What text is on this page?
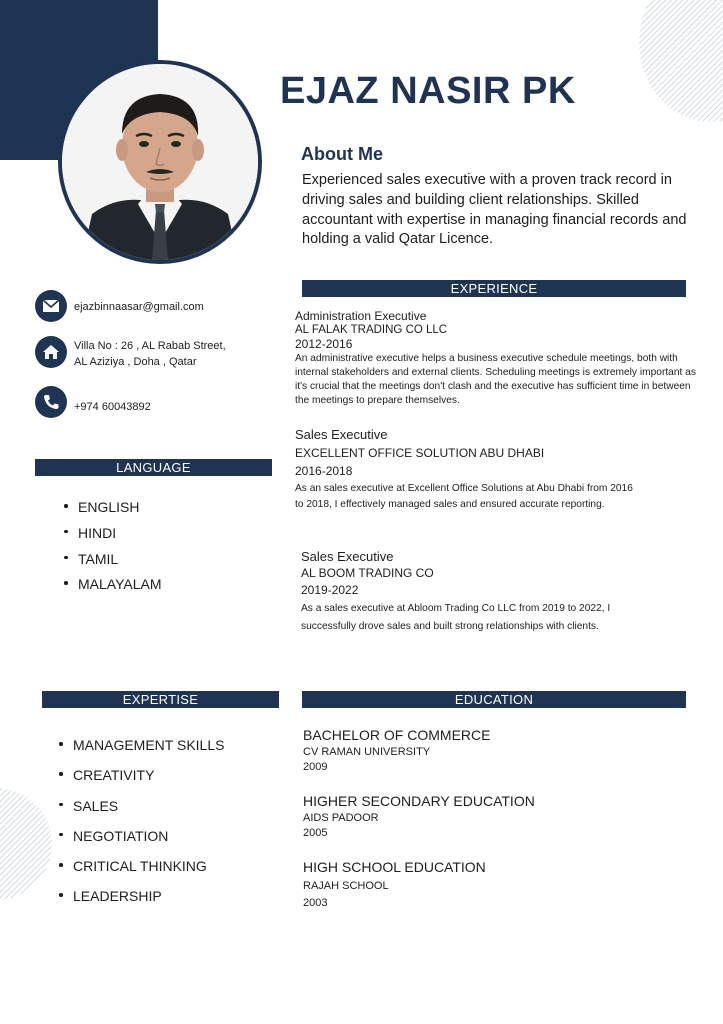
EJAZ NASIR PK
About Me
Experienced sales executive with a proven track record in driving sales and building client relationships. Skilled accountant with expertise in managing financial records and holding a valid Qatar Licence.
ejazbinnaasar@gmail.com
Villa No : 26 , AL Rabab Street,
AL Aziziya , Doha , Qatar
+974 60043892
LANGUAGE
ENGLISH
HINDI
TAMIL
MALAYALAM
EXPERIENCE
Administration Executive
AL FALAK TRADING CO LLC
2012-2016
An administrative executive helps a business executive schedule meetings, both with internal stakeholders and external clients. Scheduling meetings is extremely important as it's crucial that the meetings don't clash and the executive has sufficient time in between the meetings to prepare themselves.
Sales Executive
EXCELLENT OFFICE SOLUTION ABU DHABI
2016-2018
As an sales executive at Excellent Office Solutions at Abu Dhabi from 2016 to 2018, I effectively managed sales and ensured accurate reporting.
Sales Executive
AL BOOM TRADING CO
2019-2022
As a sales executive at Abloom Trading Co LLC from 2019 to 2022, I successfully drove sales and built strong relationships with clients.
EXPERTISE
MANAGEMENT SKILLS
CREATIVITY
SALES
NEGOTIATION
CRITICAL THINKING
LEADERSHIP
EDUCATION
BACHELOR OF COMMERCE
CV RAMAN UNIVERSITY
2009
HIGHER SECONDARY EDUCATION
AIDS PADOOR
2005
HIGH SCHOOL EDUCATION
RAJAH SCHOOL
2003
